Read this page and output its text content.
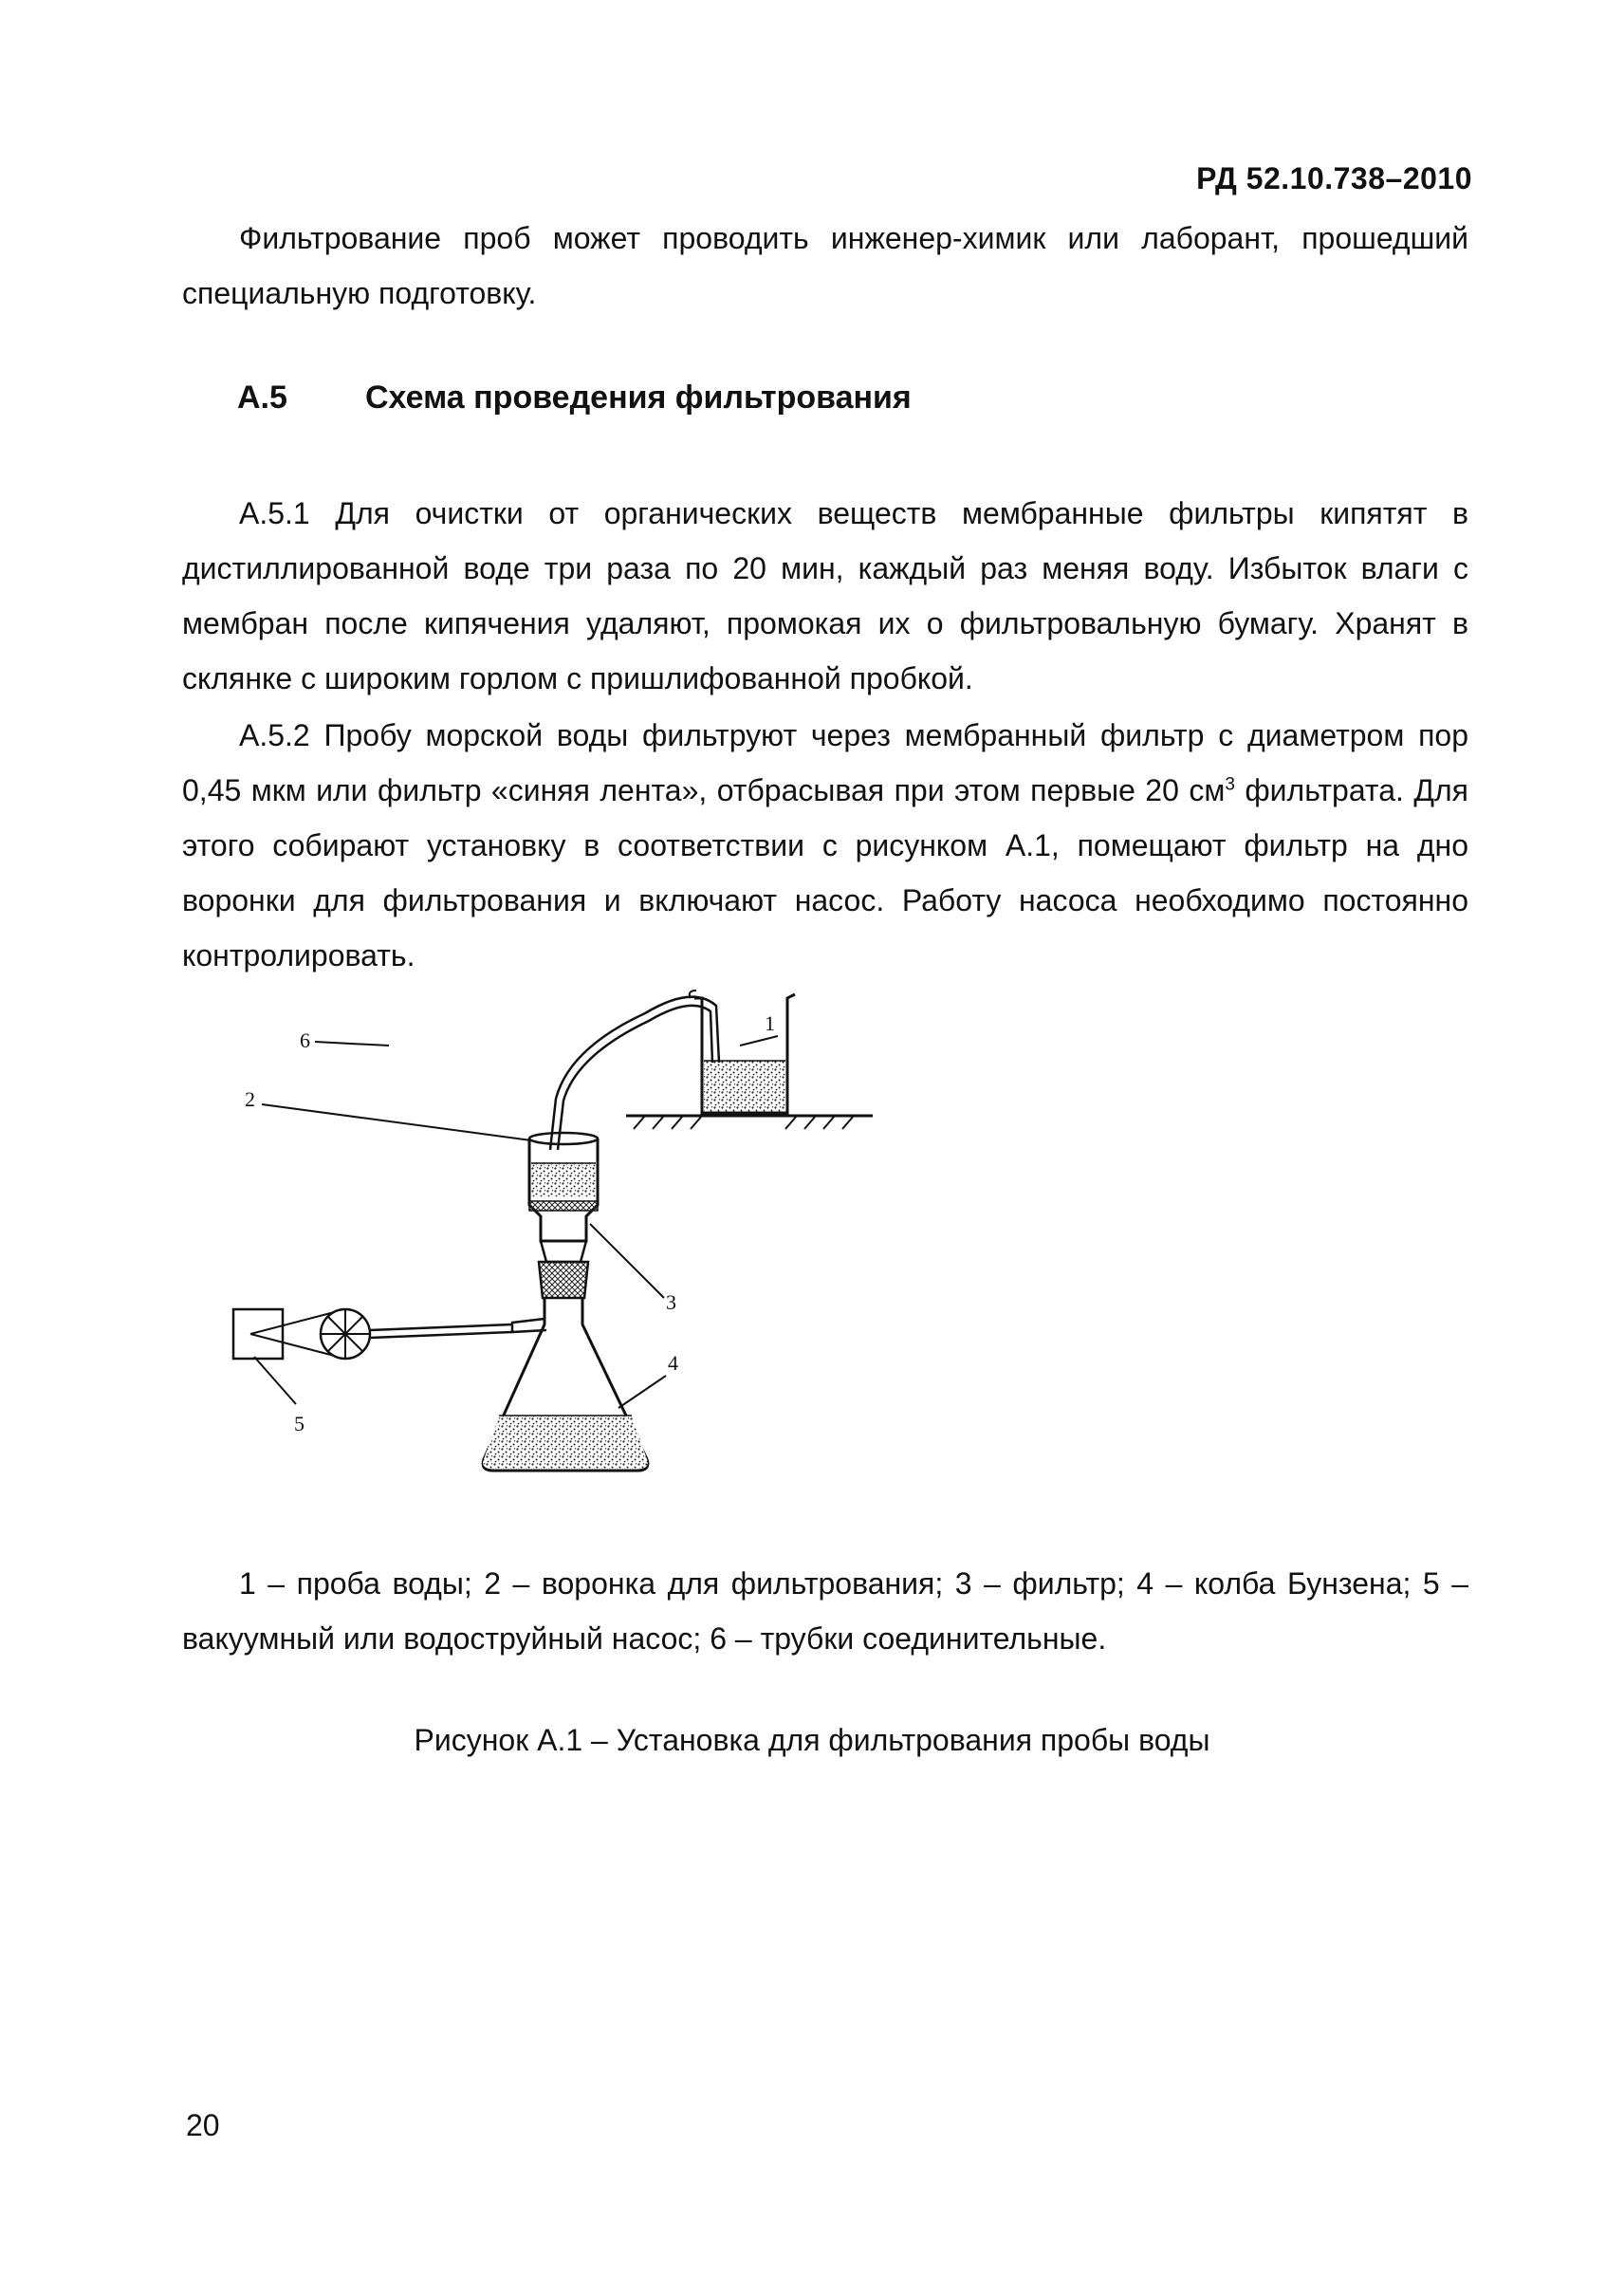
РД 52.10.738–2010

Фильтрование проб может проводить инженер-химик или лаборант, прошедший специальную подготовку.

А.5 Схема проведения фильтрования

А.5.1 Для очистки от органических веществ мембранные фильтры кипятят в дистиллированной воде три раза по 20 мин, каждый раз меняя воду. Избыток влаги с мембран после кипячения удаляют, промокая их о фильтровальную бумагу. Хранят в склянке с широким горлом с пришлифованной пробкой.

А.5.2 Пробу морской воды фильтруют через мембранный фильтр с диаметром пор 0,45 мкм или фильтр «синяя лента», отбрасывая при этом первые 20 $см^3$ фильтрата. Для этого собирают установку в соответствии с рисунком А.1, помещают фильтр на дно воронки для фильтрования и включают насос. Работу насоса необходимо постоянно контролировать.

1
2
3
4
5
6

1 – проба воды; 2 – воронка для фильтрования; 3 – фильтр; 4 – колба Бунзена; 5 – вакуумный или водоструйный насос; 6 – трубки соединительные.

Рисунок А.1 – Установка для фильтрования пробы воды
20
